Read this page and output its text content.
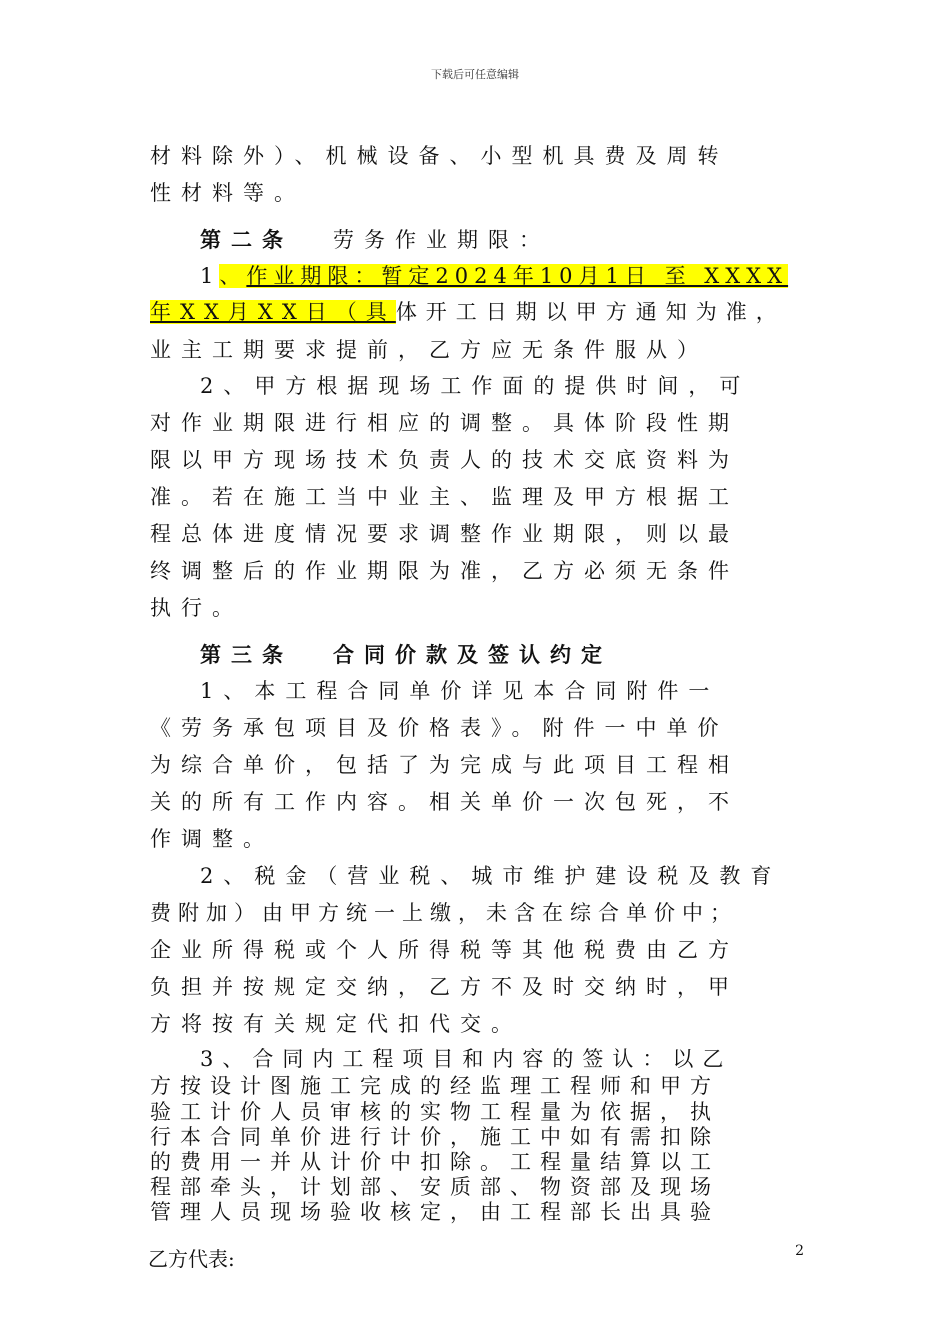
下载后可任意编辑
材料除外）、机械设备、小型机具费及周转
性材料等。
第二条 劳务作业期限：
1、作业期限：暂定2024年10月1日 至 XXXX
年XX月XX日（具体开工日期以甲方通知为准，
业主工期要求提前，乙方应无条件服从）
2、甲方根据现场工作面的提供时间，可
对作业期限进行相应的调整。具体阶段性期
限以甲方现场技术负责人的技术交底资料为
准。若在施工当中业主、监理及甲方根据工
程总体进度情况要求调整作业期限，则以最
终调整后的作业期限为准，乙方必须无条件
执行。
第三条 合同价款及签认约定
1、本工程合同单价详见本合同附件一
《劳务承包项目及价格表》。附件一中单价
为综合单价，包括了为完成与此项目工程相
关的所有工作内容。相关单价一次包死，不
作调整。
2、税金（营业税、城市维护建设税及教育
费附加）由甲方统一上缴，未含在综合单价中；
企业所得税或个人所得税等其他税费由乙方
负担并按规定交纳，乙方不及时交纳时，甲
方将按有关规定代扣代交。
3、合同内工程项目和内容的签认：以乙
方按设计图施工完成的经监理工程师和甲方
验工计价人员审核的实物工程量为依据，执
行本合同单价进行计价，施工中如有需扣除
的费用一并从计价中扣除。工程量结算以工
程部牵头，计划部、安质部、物资部及现场
管理人员现场验收核定，由工程部长出具验
乙方代表:	2
